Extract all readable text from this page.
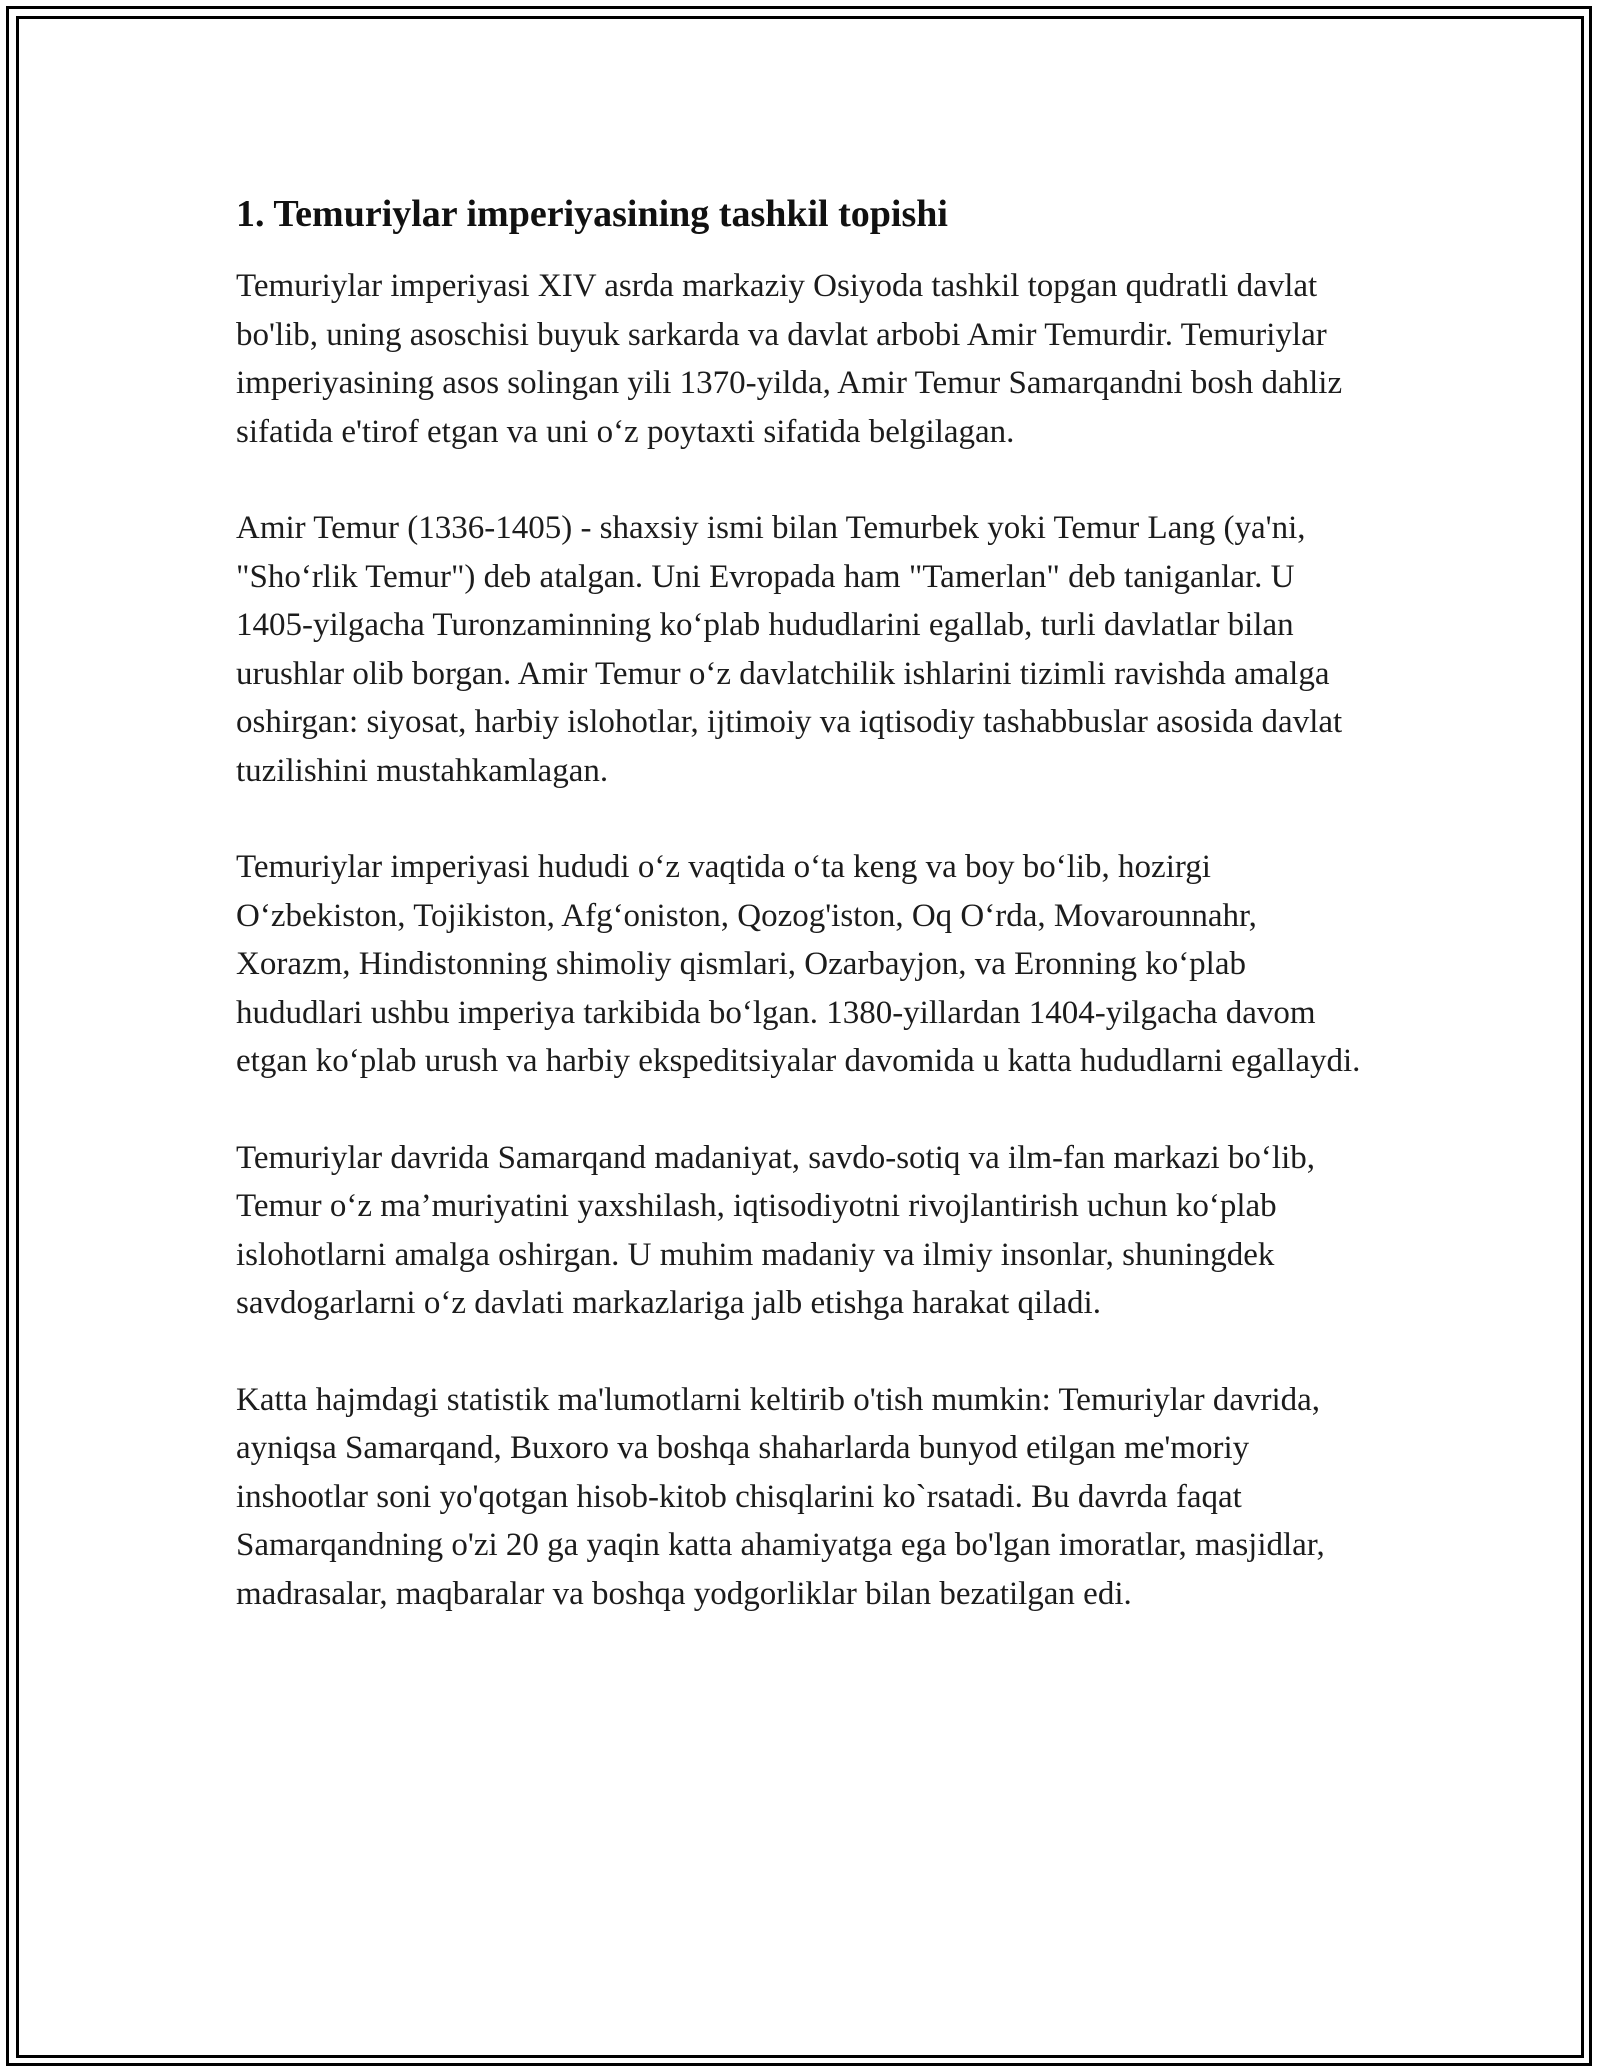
1. Temuriylar imperiyasining tashkil topishi

Temuriylar imperiyasi XIV asrda markaziy Osiyoda tashkil topgan qudratli davlat bo'lib, uning asoschisi buyuk sarkarda va davlat arbobi Amir Temurdir. Temuriylar imperiyasining asos solingan yili 1370-yilda, Amir Temur Samarqandni bosh dahliz sifatida e'tirof etgan va uni o‘z poytaxti sifatida belgilagan.

Amir Temur (1336-1405) - shaxsiy ismi bilan Temurbek yoki Temur Lang (ya'ni, "Sho‘rlik Temur") deb atalgan. Uni Evropada ham "Tamerlan" deb taniganlar. U 1405-yilgacha Turonzaminning ko‘plab hududlarini egallab, turli davlatlar bilan urushlar olib borgan. Amir Temur o‘z davlatchilik ishlarini tizimli ravishda amalga oshirgan: siyosat, harbiy islohotlar, ijtimoiy va iqtisodiy tashabbuslar asosida davlat tuzilishini mustahkamlagan.

Temuriylar imperiyasi hududi o‘z vaqtida o‘ta keng va boy bo‘lib, hozirgi O‘zbekiston, Tojikiston, Afg‘oniston, Qozog'iston, Oq O‘rda, Movarounnahr, Xorazm, Hindistonning shimoliy qismlari, Ozarbayjon, va Eronning ko‘plab hududlari ushbu imperiya tarkibida bo‘lgan. 1380-yillardan 1404-yilgacha davom etgan ko‘plab urush va harbiy ekspeditsiyalar davomida u katta hududlarni egallaydi.

Temuriylar davrida Samarqand madaniyat, savdo-sotiq va ilm-fan markazi bo‘lib, Temur o‘z ma’muriyatini yaxshilash, iqtisodiyotni rivojlantirish uchun ko‘plab islohotlarni amalga oshirgan. U muhim madaniy va ilmiy insonlar, shuningdek savdogarlarni o‘z davlati markazlariga jalb etishga harakat qiladi.

Katta hajmdagi statistik ma'lumotlarni keltirib o'tish mumkin: Temuriylar davrida, ayniqsa Samarqand, Buxoro va boshqa shaharlarda bunyod etilgan me'moriy inshootlar soni yo'qotgan hisob-kitob chisqlarini ko`rsatadi. Bu davrda faqat Samarqandning o'zi 20 ga yaqin katta ahamiyatga ega bo'lgan imoratlar, masjidlar, madrasalar, maqbaralar va boshqa yodgorliklar bilan bezatilgan edi.
